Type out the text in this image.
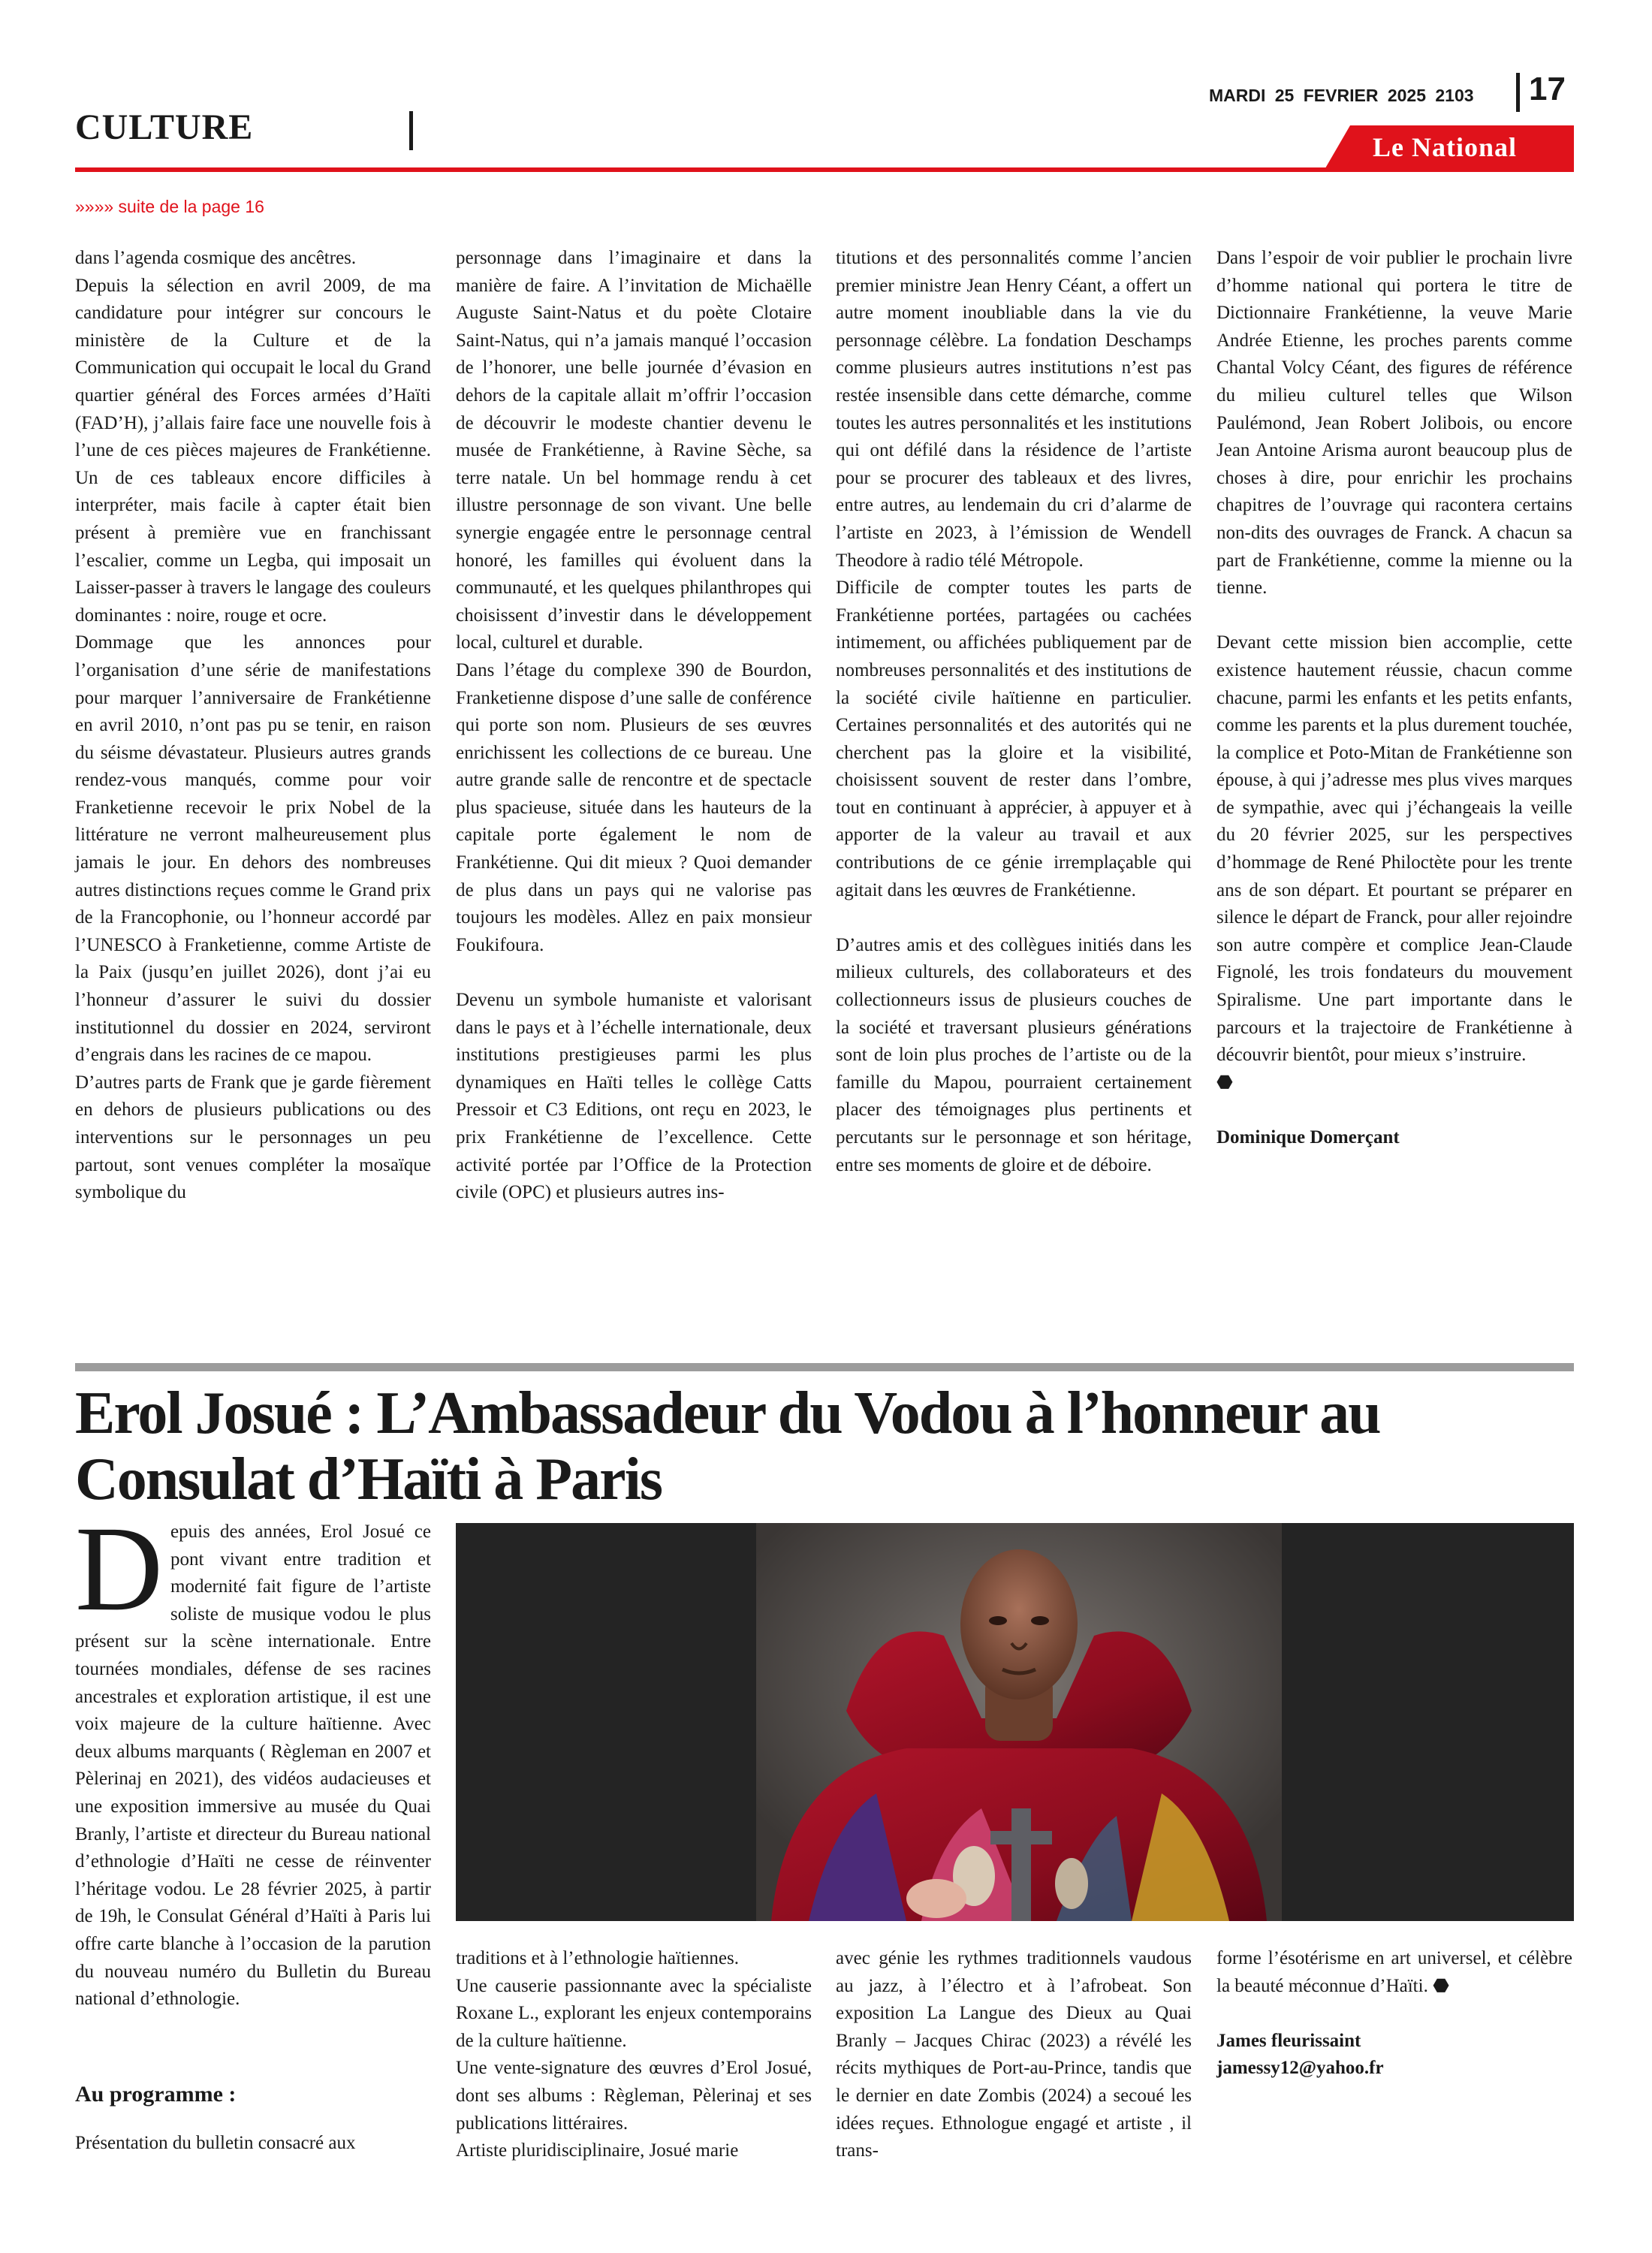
CULTURE
MARDI 25 FEVRIER 2025 2103 17
Le National
»»»» suite de la page 16

dans l’agenda cosmique des ancêtres.

Depuis la sélection en avril 2009, de ma candidature pour intégrer sur concours le ministère de la Culture et de la Communication qui occupait le local du Grand quartier général des Forces armées d’Haïti (FAD’H), j’allais faire face une nouvelle fois à l’une de ces pièces majeures de Frankétienne. Un de ces tableaux encore difficiles à interpréter, mais facile à capter était bien présent à première vue en franchissant l’escalier, comme un Legba, qui imposait un Laisser-passer à travers le langage des couleurs dominantes : noire, rouge et ocre.

Dommage que les annonces pour l’organisation d’une série de manifestations pour marquer l’anniversaire de Frankétienne en avril 2010, n’ont pas pu se tenir, en raison du séisme dévastateur. Plusieurs autres grands rendez-vous manqués, comme pour voir Franketienne recevoir le prix Nobel de la littérature ne verront malheureusement plus jamais le jour. En dehors des nombreuses autres distinctions reçues comme le Grand prix de la Francophonie, ou l’honneur accordé par l’UNESCO à Franketienne, comme Artiste de la Paix (jusqu’en juillet 2026), dont j’ai eu l’honneur d’assurer le suivi du dossier institutionnel du dossier en 2024, serviront d’engrais dans les racines de ce mapou.

D’autres parts de Frank que je garde fièrement en dehors de plusieurs publications ou des interventions sur le personnages un peu partout, sont venues compléter la mosaïque symbolique du

personnage dans l’imaginaire et dans la manière de faire. A l’invitation de Michaëlle Auguste Saint-Natus et du poète Clotaire Saint-Natus, qui n’a jamais manqué l’occasion de l’honorer, une belle journée d’évasion en dehors de la capitale allait m’offrir l’occasion de découvrir le modeste chantier devenu le musée de Frankétienne, à Ravine Sèche, sa terre natale. Un bel hommage rendu à cet illustre personnage de son vivant. Une belle synergie engagée entre le personnage central honoré, les familles qui évoluent dans la communauté, et les quelques philanthropes qui choisissent d’investir dans le développement local, culturel et durable.

Dans l’étage du complexe 390 de Bourdon, Franketienne dispose d’une salle de conférence qui porte son nom. Plusieurs de ses œuvres enrichissent les collections de ce bureau. Une autre grande salle de rencontre et de spectacle plus spacieuse, située dans les hauteurs de la capitale porte également le nom de Frankétienne. Qui dit mieux ? Quoi demander de plus dans un pays qui ne valorise pas toujours les modèles. Allez en paix monsieur Foukifoura.

Devenu un symbole humaniste et valorisant dans le pays et à l’échelle internationale, deux institutions prestigieuses parmi les plus dynamiques en Haïti telles le collège Catts Pressoir et C3 Editions, ont reçu en 2023, le prix Frankétienne de l’excellence. Cette activité portée par l’Office de la Protection civile (OPC) et plusieurs autres ins-

titutions et des personnalités comme l’ancien premier ministre Jean Henry Céant, a offert un autre moment inoubliable dans la vie du personnage célèbre. La fondation Deschamps comme plusieurs autres institutions n’est pas restée insensible dans cette démarche, comme toutes les autres personnalités et les institutions qui ont défilé dans la résidence de l’artiste pour se procurer des tableaux et des livres, entre autres, au lendemain du cri d’alarme de l’artiste en 2023, à l’émission de Wendell Theodore à radio télé Métropole.

Difficile de compter toutes les parts de Frankétienne portées, partagées ou cachées intimement, ou affichées publiquement par de nombreuses personnalités et des institutions de la société civile haïtienne en particulier. Certaines personnalités et des autorités qui ne cherchent pas la gloire et la visibilité, choisissent souvent de rester dans l’ombre, tout en continuant à apprécier, à appuyer et à apporter de la valeur au travail et aux contributions de ce génie irremplaçable qui agitait dans les œuvres de Frankétienne.

D’autres amis et des collègues initiés dans les milieux culturels, des collaborateurs et des collectionneurs issus de plusieurs couches de la société et traversant plusieurs générations sont de loin plus proches de l’artiste ou de la famille du Mapou, pourraient certainement placer des témoignages plus pertinents et percutants sur le personnage et son héritage, entre ses moments de gloire et de déboire.

Dans l’espoir de voir publier le prochain livre d’homme national qui portera le titre de Dictionnaire Frankétienne, la veuve Marie Andrée Etienne, les proches parents comme Chantal Volcy Céant, des figures de référence du milieu culturel telles que Wilson Paulémond, Jean Robert Jolibois, ou encore Jean Antoine Arisma auront beaucoup plus de choses à dire, pour enrichir les prochains chapitres de l’ouvrage qui racontera certains non-dits des ouvrages de Franck. A chacun sa part de Frankétienne, comme la mienne ou la tienne.

Devant cette mission bien accomplie, cette existence hautement réussie, chacun comme chacune, parmi les enfants et les petits enfants, comme les parents et la plus durement touchée, la complice et Poto-Mitan de Frankétienne son épouse, à qui j’adresse mes plus vives marques de sympathie, avec qui j’échangeais la veille du 20 février 2025, sur les perspectives d’hommage de René Philoctète pour les trente ans de son départ. Et pourtant se préparer en silence le départ de Franck, pour aller rejoindre son autre compère et complice Jean-Claude Fignolé, les trois fondateurs du mouvement Spiralisme. Une part importante dans le parcours et la trajectoire de Frankétienne à découvrir bientôt, pour mieux s’instruire.

⬣

Dominique Domerçant

Erol Josué : L’Ambassadeur du Vodou à l’honneur au Consulat d’Haïti à Paris
D epuis des années, Erol Josué ce pont vivant entre tradition et modernité fait figure de l’artiste soliste de musique vodou le plus présent sur la scène internationale. Entre tournées mondiales, défense de ses racines ancestrales et exploration artistique, il est une voix majeure de la culture haïtienne. Avec deux albums marquants ( Règleman en 2007 et Pèlerinaj en 2021), des vidéos audacieuses et une exposition immersive au musée du Quai Branly, l’artiste et directeur du Bureau national d’ethnologie d’Haïti ne cesse de réinventer l’héritage vodou. Le 28 février 2025, à partir de 19h, le Consulat Général d’Haïti à Paris lui offre carte blanche à l’occasion de la parution du nouveau numéro du Bulletin du Bureau national d’ethnologie.
Au programme :

Présentation du bulletin consacré aux

traditions et à l’ethnologie haïtiennes.

Une causerie passionnante avec la spécialiste Roxane L., explorant les enjeux contemporains de la culture haïtienne.

Une vente-signature des œuvres d’Erol Josué, dont ses albums : Règleman, Pèlerinaj et ses publications littéraires.

Artiste pluridisciplinaire, Josué marie

avec génie les rythmes traditionnels vaudous au jazz, à l’électro et à l’afrobeat. Son exposition La Langue des Dieux au Quai Branly – Jacques Chirac (2023) a révélé les récits mythiques de Port-au-Prince, tandis que le dernier en date Zombis (2024) a secoué les idées reçues. Ethnologue engagé et artiste , il trans-

forme l’ésotérisme en art universel, et célèbre la beauté méconnue d’Haïti. ⬣

James fleurissaint

jamessy12@yahoo.fr
